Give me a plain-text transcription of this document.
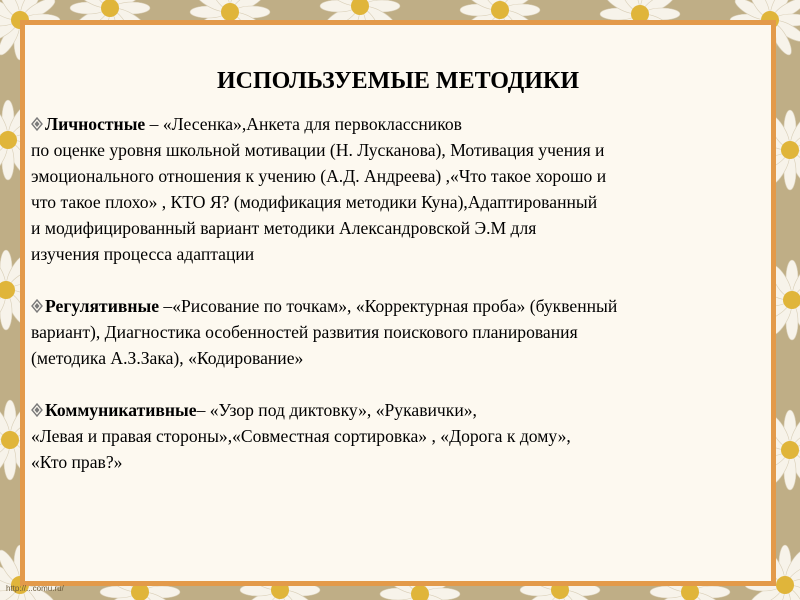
ИСПОЛЬЗУЕМЫЕ МЕТОДИКИ
Личностные – «Лесенка»,Анкета для первоклассников
по оценке уровня школьной мотивации (Н. Лусканова), Мотивация учения и
эмоционального отношения к учению (А.Д. Андреева) ,«Что такое хорошо и
что такое плохо» , КТО Я? (модификация методики Куна),Адаптированный
и модифицированный вариант методики Александровской Э.М для
изучения процесса адаптации
Регулятивные –«Рисование по точкам», «Корректурная проба» (буквенный
вариант), Диагностика особенностей развития поискового планирования
(методика А.З.Зака), «Кодирование»
Коммуникативные– «Узор под диктовку», «Рукавички»,
«Левая и правая стороны»,«Совместная сортировка» , «Дорога к дому»,
«Кто прав?»
http://...comu.ru/
